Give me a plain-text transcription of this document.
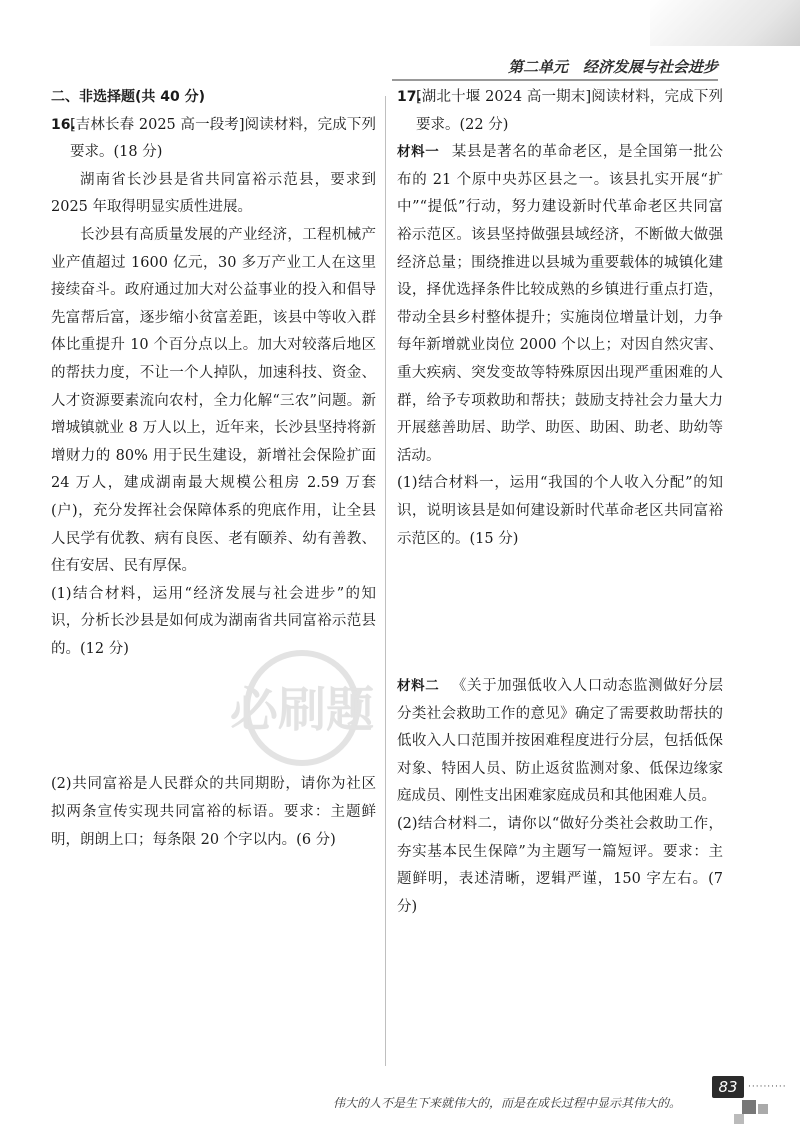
第二单元　经济发展与社会进步

二、非选择题(共 40 分)

16.[吉林长春 2025 高一段考]阅读材料，完成下列要求。(18 分)

湖南省长沙县是省共同富裕示范县，要求到 2025 年取得明显实质性进展。

长沙县有高质量发展的产业经济，工程机械产业产值超过 1600 亿元，30 多万产业工人在这里接续奋斗。政府通过加大对公益事业的投入和倡导先富帮后富，逐步缩小贫富差距，该县中等收入群体比重提升 10 个百分点以上。加大对较落后地区的帮扶力度，不让一个人掉队，加速科技、资金、人才资源要素流向农村，全力化解“三农”问题。新增城镇就业 8 万人以上，近年来，长沙县坚持将新增财力的 80% 用于民生建设，新增社会保险扩面 24 万人，建成湖南最大规模公租房 2.59 万套(户)，充分发挥社会保障体系的兜底作用，让全县人民学有优教、病有良医、老有颐养、幼有善教、住有安居、民有厚保。

(1)结合材料，运用“经济发展与社会进步”的知识，分析长沙县是如何成为湖南省共同富裕示范县的。(12 分)

(2)共同富裕是人民群众的共同期盼，请你为社区拟两条宣传实现共同富裕的标语。要求：主题鲜明，朗朗上口；每条限 20 个字以内。(6 分)

17.[湖北十堰 2024 高一期末]阅读材料，完成下列要求。(22 分)

材料一 某县是著名的革命老区，是全国第一批公布的 21 个原中央苏区县之一。该县扎实开展“扩中”“提低”行动，努力建设新时代革命老区共同富裕示范区。该县坚持做强县域经济，不断做大做强经济总量；围绕推进以县城为重要载体的城镇化建设，择优选择条件比较成熟的乡镇进行重点打造，带动全县乡村整体提升；实施岗位增量计划，力争每年新增就业岗位 2000 个以上；对因自然灾害、重大疾病、突发变故等特殊原因出现严重困难的人群，给予专项救助和帮扶；鼓励支持社会力量大力开展慈善助居、助学、助医、助困、助老、助幼等活动。

(1)结合材料一，运用“我国的个人收入分配”的知识，说明该县是如何建设新时代革命老区共同富裕示范区的。(15 分)

材料二 《关于加强低收入人口动态监测做好分层分类社会救助工作的意见》确定了需要救助帮扶的低收入人口范围并按困难程度进行分层，包括低保对象、特困人员、防止返贫监测对象、低保边缘家庭成员、刚性支出困难家庭成员和其他困难人员。

(2)结合材料二，请你以“做好分类社会救助工作，夯实基本民生保障”为主题写一篇短评。要求：主题鲜明，表述清晰，逻辑严谨，150 字左右。(7 分)

必刷题
伟大的人不是生下来就伟大的，而是在成长过程中显示其伟大的。
83	··········
